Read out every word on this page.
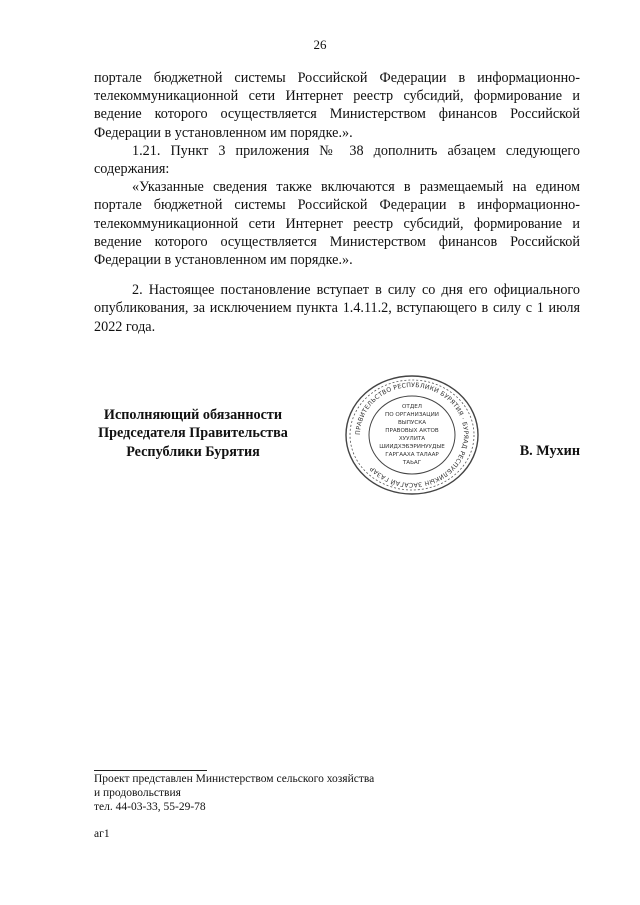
26

портале бюджетной системы Российской Федерации в информационно-телекоммуникационной сети Интернет реестр субсидий, формирование и ведение которого осуществляется Министерством финансов Российской Федерации в установленном им порядке.».

1.21. Пункт 3 приложения № 38 дополнить абзацем следующего содержания:

«Указанные сведения также включаются в размещаемый на едином портале бюджетной системы Российской Федерации в информационно-телекоммуникационной сети Интернет реестр субсидий, формирование и ведение которого осуществляется Министерством финансов Российской Федерации в установленном им порядке.».

2. Настоящее постановление вступает в силу со дня его официального опубликования, за исключением пункта 1.4.11.2, вступающего в силу с 1 июля 2022 года.

Исполняющий обязанности
Председателя Правительства
Республики Бурятия
ПРАВИТЕЛЬСТВО РЕСПУБЛИКИ БУРЯТИЯ · БУРЯАД РЕСПУБЛИКЫН ЗАСАГАЙ ГАЗАР
ОТДЕЛ
ПО ОРГАНИЗАЦИИ
ВЫПУСКА
ПРАВОВЫХ АКТОВ
ХУУЛИТА
ШИИДХЭБЭРИНУУДЫЕ
ГАРГААХА ТАЛААР
ТАЬАГ
В. Мухин
Проект представлен Министерством сельского хозяйства
и продовольствия
тел. 44-03-33, 55-29-78
аг1
